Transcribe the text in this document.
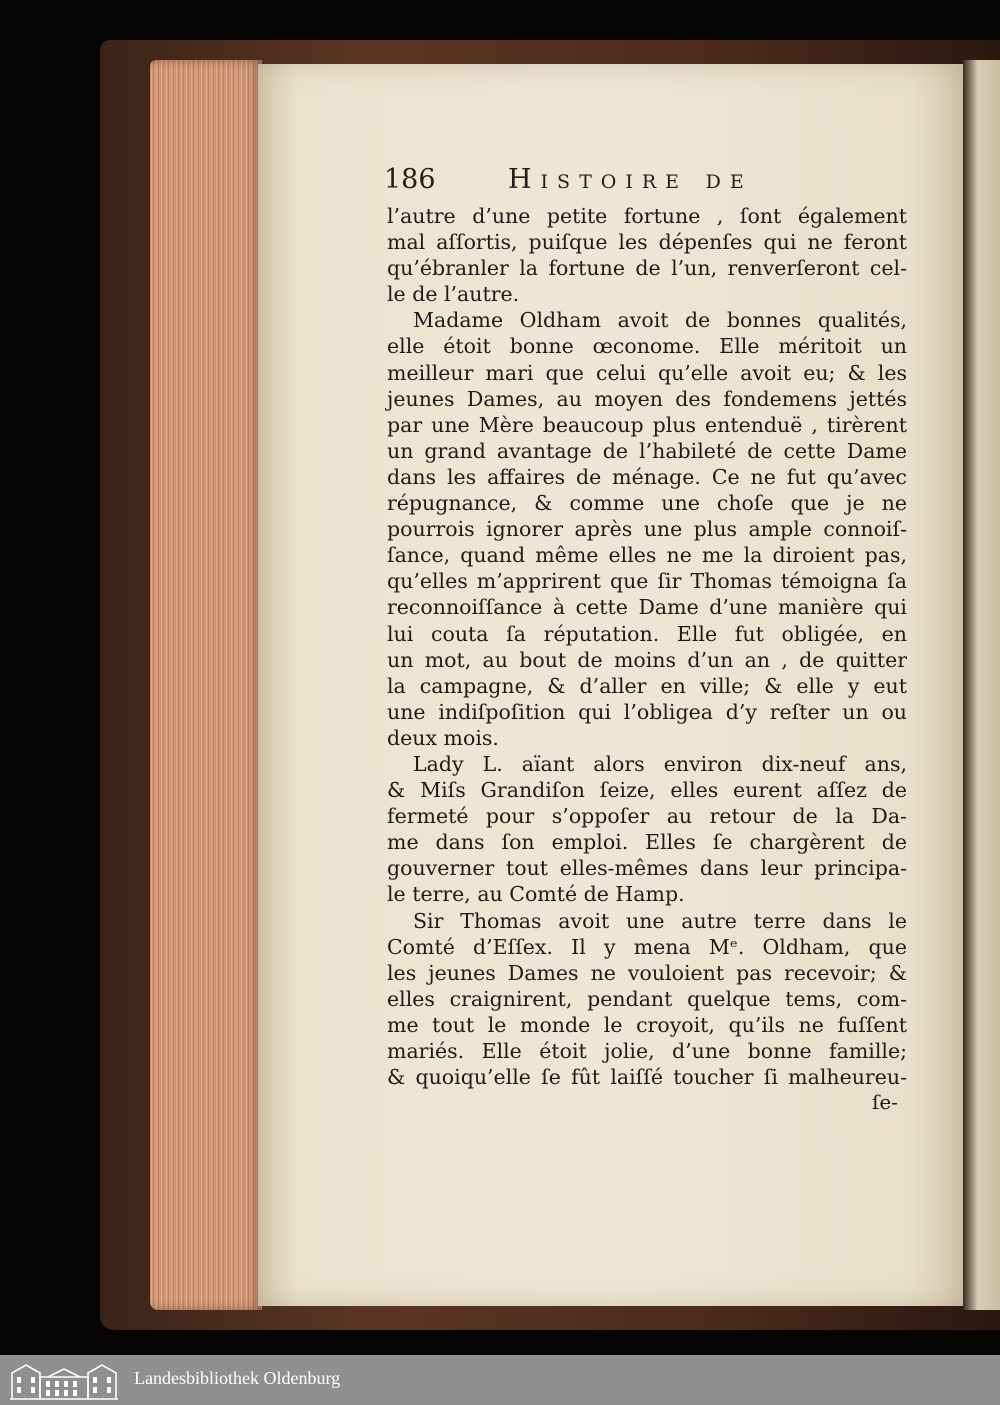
186	Histoire de
l’autre d’une petite fortune , ſont également
mal aſſortis, puiſque les dépenſes qui ne feront
qu’ébranler la fortune de l’un, renverſeront cel-
le de l’autre.
Madame Oldham avoit de bonnes qualités,
elle étoit bonne œconome. Elle méritoit un
meilleur mari que celui qu’elle avoit eu; & les
jeunes Dames, au moyen des fondemens jettés
par une Mère beaucoup plus entenduë , tirèrent
un grand avantage de l’habileté de cette Dame
dans les affaires de ménage. Ce ne fut qu’avec
répugnance, & comme une choſe que je ne
pourrois ignorer après une plus ample connoiſ-
ſance, quand même elles ne me la diroient pas,
qu’elles m’apprirent que ſir Thomas témoigna ſa
reconnoiſſance à cette Dame d’une manière qui
lui couta ſa réputation. Elle fut obligée, en
un mot, au bout de moins d’un an , de quitter
la campagne, & d’aller en ville; & elle y eut
une indiſpoſition qui l’obligea d’y reſter un ou
deux mois.
Lady L. aïant alors environ dix-neuf ans,
& Miſs Grandiſon ſeize, elles eurent aſſez de
fermeté pour s’oppoſer au retour de la Da-
me dans ſon emploi. Elles ſe chargèrent de
gouverner tout elles-mêmes dans leur principa-
le terre, au Comté de Hamp.
Sir Thomas avoit une autre terre dans le
Comté d’Eſſex. Il y mena Mᵉ. Oldham, que
les jeunes Dames ne vouloient pas recevoir; &
elles craignirent, pendant quelque tems, com-
me tout le monde le croyoit, qu’ils ne fuſſent
mariés. Elle étoit jolie, d’une bonne famille;
& quoiqu’elle ſe fût laiſſé toucher ſi malheureu-
ſe-
Landesbibliothek Oldenburg
